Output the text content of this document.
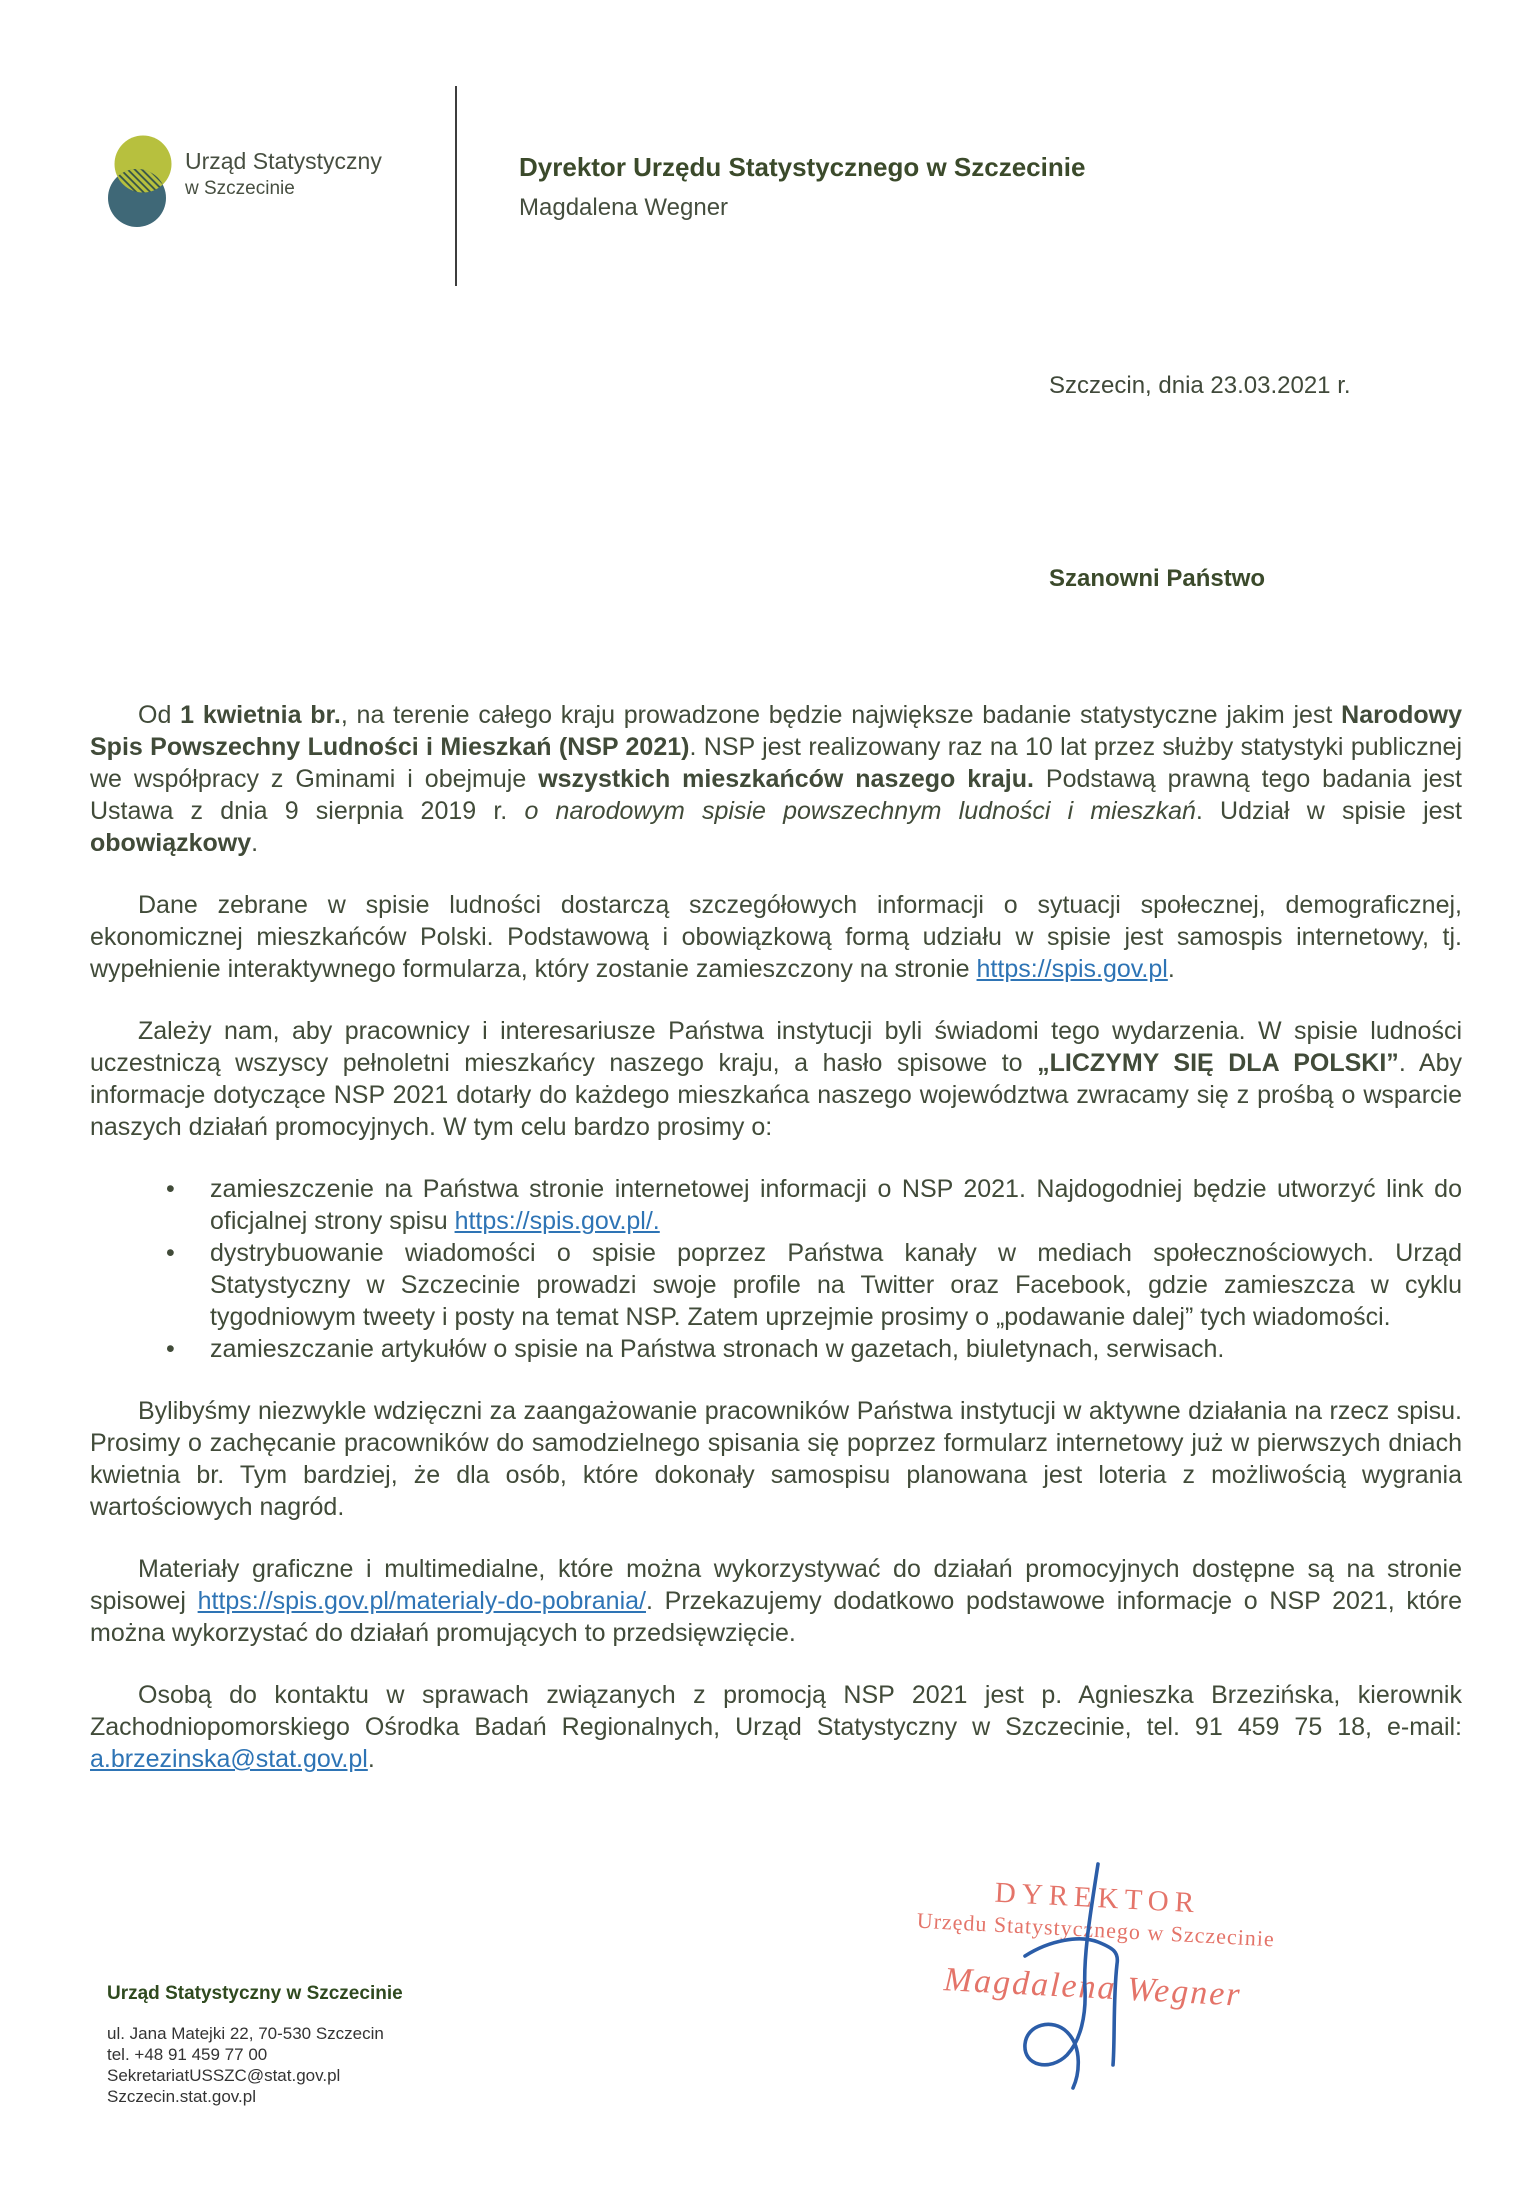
Urząd Statystyczny
w Szczecinie
Dyrektor Urzędu Statystycznego w Szczecinie
Magdalena Wegner
Szczecin, dnia 23.03.2021 r.
Szanowni Państwo

Od 1 kwietnia br., na terenie całego kraju prowadzone będzie największe badanie statystyczne jakim jest Narodowy Spis Powszechny Ludności i Mieszkań (NSP 2021). NSP jest realizowany raz na 10 lat przez służby statystyki publicznej we współpracy z Gminami i obejmuje wszystkich mieszkańców naszego kraju. Podstawą prawną tego badania jest Ustawa z dnia 9 sierpnia 2019 r. o narodowym spisie powszechnym ludności i mieszkań. Udział w spisie jest obowiązkowy.

Dane zebrane w spisie ludności dostarczą szczegółowych informacji o sytuacji społecznej, demograficznej, ekonomicznej mieszkańców Polski. Podstawową i obowiązkową formą udziału w spisie jest samospis internetowy, tj. wypełnienie interaktywnego formularza, który zostanie zamieszczony na stronie https://spis.gov.pl.

Zależy nam, aby pracownicy i interesariusze Państwa instytucji byli świadomi tego wydarzenia. W spisie ludności uczestniczą wszyscy pełnoletni mieszkańcy naszego kraju, a hasło spisowe to „LICZYMY SIĘ DLA POLSKI”. Aby informacje dotyczące NSP 2021 dotarły do każdego mieszkańca naszego województwa zwracamy się z prośbą o wsparcie naszych działań promocyjnych. W tym celu bardzo prosimy o:

• zamieszczenie na Państwa stronie internetowej informacji o NSP 2021. Najdogodniej będzie utworzyć link do oficjalnej strony spisu https://spis.gov.pl/.
• dystrybuowanie wiadomości o spisie poprzez Państwa kanały w mediach społecznościowych. Urząd Statystyczny w Szczecinie prowadzi swoje profile na Twitter oraz Facebook, gdzie zamieszcza w cyklu tygodniowym tweety i posty na temat NSP. Zatem uprzejmie prosimy o „podawanie dalej” tych wiadomości.
• zamieszczanie artykułów o spisie na Państwa stronach w gazetach, biuletynach, serwisach.

Bylibyśmy niezwykle wdzięczni za zaangażowanie pracowników Państwa instytucji w aktywne działania na rzecz spisu. Prosimy o zachęcanie pracowników do samodzielnego spisania się poprzez formularz internetowy już w pierwszych dniach kwietnia br. Tym bardziej, że dla osób, które dokonały samospisu planowana jest loteria z możliwością wygrania wartościowych nagród.

Materiały graficzne i multimedialne, które można wykorzystywać do działań promocyjnych dostępne są na stronie spisowej https://spis.gov.pl/materialy-do-pobrania/. Przekazujemy dodatkowo podstawowe informacje o NSP 2021, które można wykorzystać do działań promujących to przedsięwzięcie.

Osobą do kontaktu w sprawach związanych z promocją NSP 2021 jest p. Agnieszka Brzezińska, kierownik Zachodniopomorskiego Ośrodka Badań Regionalnych, Urząd Statystyczny w Szczecinie, tel. 91 459 75 18, e-mail: a.brzezinska@stat.gov.pl.

DYREKTOR
Urzędu Statystycznego w Szczecinie
Magdalena Wegner
Urząd Statystyczny w Szczecinie
ul. Jana Matejki 22, 70-530 Szczecin
tel. +48 91 459 77 00
SekretariatUSSZC@stat.gov.pl
Szczecin.stat.gov.pl
